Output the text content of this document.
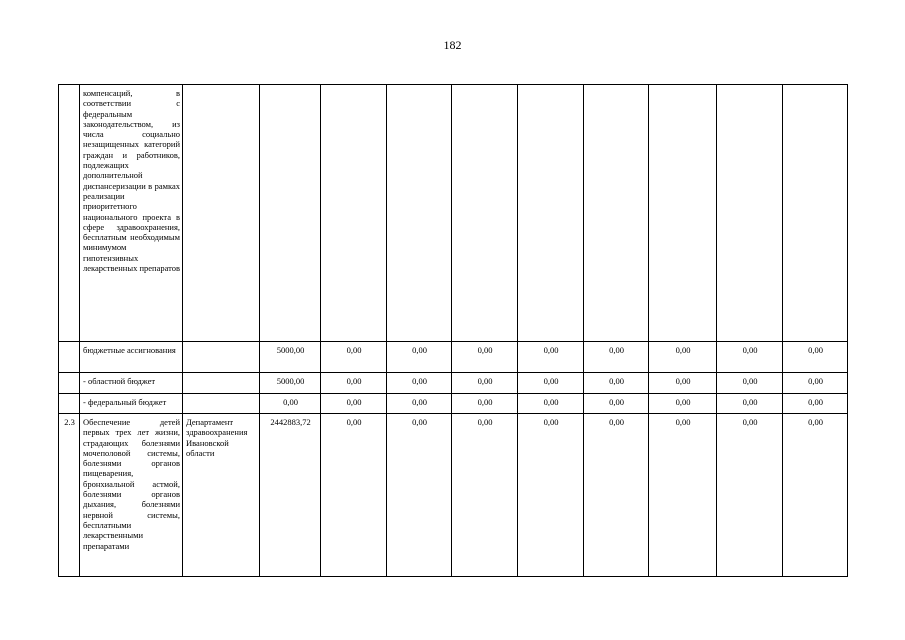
182
	компенсаций, в соответствии с федеральным законодательством, из числа социально незащищенных категорий граждан и работников, подлежащих дополнительной диспансеризации в рамках реализации приоритетного национального проекта в сфере здравоохранения, бесплатным необходимым минимумом гипотензивных лекарственных препаратов										
	бюджетные ассигнования		5000,00	0,00	0,00	0,00	0,00	0,00	0,00	0,00	0,00
	- областной бюджет		5000,00	0,00	0,00	0,00	0,00	0,00	0,00	0,00	0,00
	- федеральный бюджет		0,00	0,00	0,00	0,00	0,00	0,00	0,00	0,00	0,00
2.3	Обеспечение детей первых трех лет жизни, страдающих болезнями мочеполовой системы, болезнями органов пищеварения, бронхиальной астмой, болезнями органов дыхания, болезнями нервной системы, бесплатными лекарственными препаратами	Департамент здравоохранения Ивановской области	2442883,72	0,00	0,00	0,00	0,00	0,00	0,00	0,00	0,00
